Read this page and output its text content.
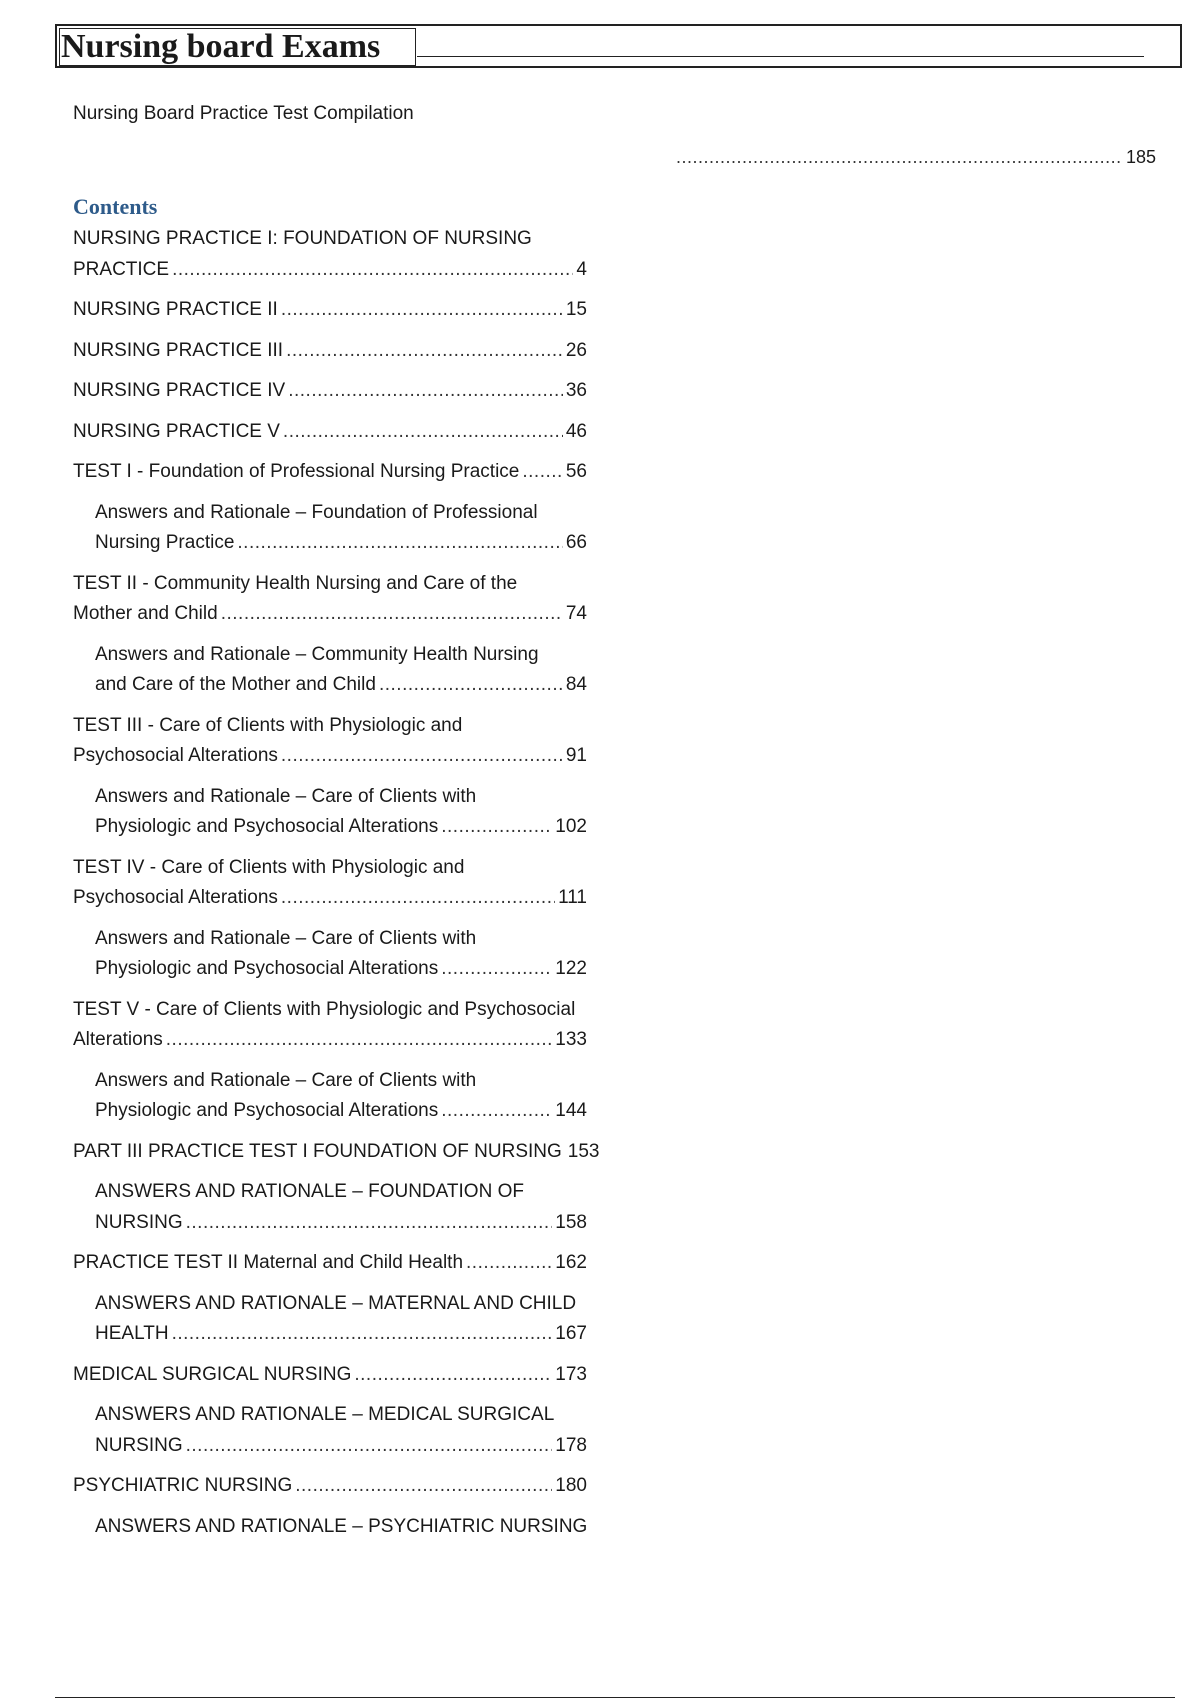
Nursing board Exams
Nursing Board Practice Test Compilation
.....
185
Contents
NURSING PRACTICE I: FOUNDATION OF NURSING
PRACTICE .....	4
NURSING PRACTICE II .....	15
NURSING PRACTICE III .....	26
NURSING PRACTICE IV .....	36
NURSING PRACTICE V .....	46
TEST I - Foundation of Professional Nursing Practice ..... 56
Answers and Rationale – Foundation of Professional
Nursing Practice .....	66
TEST II - Community Health Nursing and Care of the
Mother and Child .....	74
Answers and Rationale – Community Health Nursing
and Care of the Mother and Child .....	84
TEST III - Care of Clients with Physiologic and
Psychosocial Alterations .....	91
Answers and Rationale – Care of Clients with
Physiologic and Psychosocial Alterations .....	102
TEST IV - Care of Clients with Physiologic and
Psychosocial Alterations .....	111
Answers and Rationale – Care of Clients with
Physiologic and Psychosocial Alterations .....	122
TEST V - Care of Clients with Physiologic and Psychosocial
Alterations .....	133
Answers and Rationale – Care of Clients with
Physiologic and Psychosocial Alterations .....	144
PART III PRACTICE TEST I FOUNDATION OF NURSING 153
ANSWERS AND RATIONALE – FOUNDATION OF
NURSING .....	158
PRACTICE TEST II Maternal and Child Health .....	162
ANSWERS AND RATIONALE – MATERNAL AND CHILD
HEALTH .....	167
MEDICAL SURGICAL NURSING .....	173
ANSWERS AND RATIONALE – MEDICAL SURGICAL
NURSING .....	178
PSYCHIATRIC NURSING .....	180
ANSWERS AND RATIONALE – PSYCHIATRIC NURSING
